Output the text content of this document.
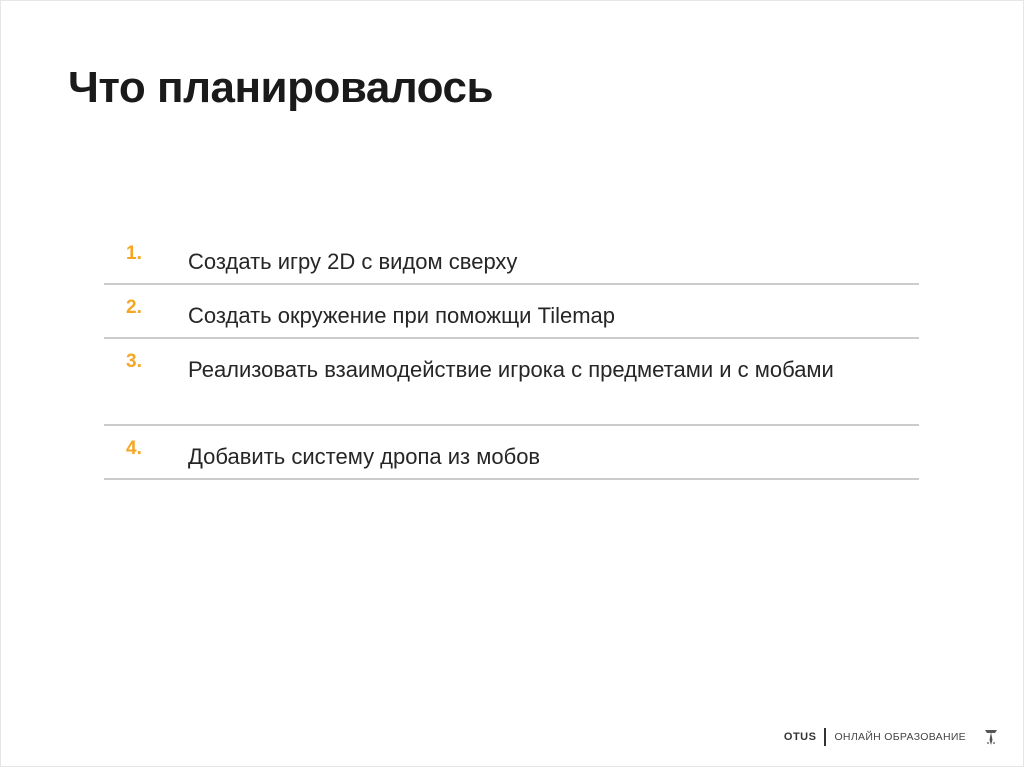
Что планировалось
1. Создать игру 2D с видом сверху
2. Создать окружение при поможщи Tilemap
3. Реализовать взаимодействие игрока с предметами и с мобами
4. Добавить систему дропа из мобов
OTUS ОНЛАЙН ОБРАЗОВАНИЕ
